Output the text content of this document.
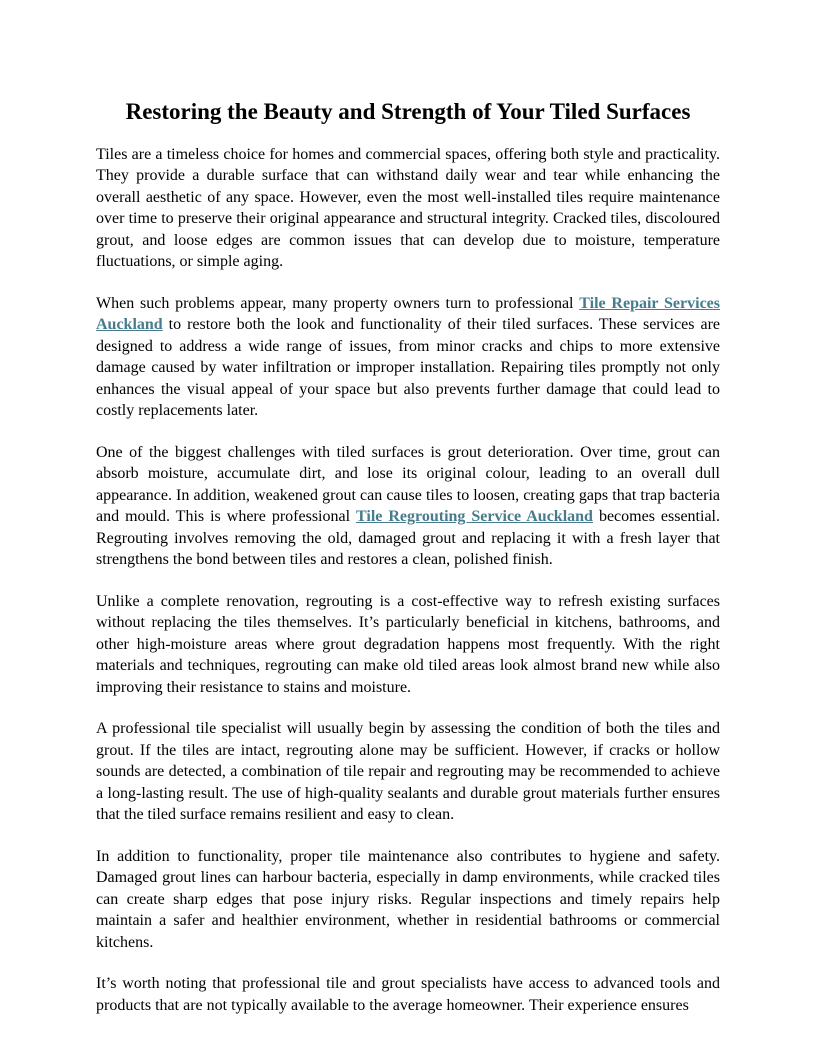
Restoring the Beauty and Strength of Your Tiled Surfaces

Tiles are a timeless choice for homes and commercial spaces, offering both style and practicality. They provide a durable surface that can withstand daily wear and tear while enhancing the overall aesthetic of any space. However, even the most well-installed tiles require maintenance over time to preserve their original appearance and structural integrity. Cracked tiles, discoloured grout, and loose edges are common issues that can develop due to moisture, temperature fluctuations, or simple aging.

When such problems appear, many property owners turn to professional Tile Repair Services Auckland to restore both the look and functionality of their tiled surfaces. These services are designed to address a wide range of issues, from minor cracks and chips to more extensive damage caused by water infiltration or improper installation. Repairing tiles promptly not only enhances the visual appeal of your space but also prevents further damage that could lead to costly replacements later.

One of the biggest challenges with tiled surfaces is grout deterioration. Over time, grout can absorb moisture, accumulate dirt, and lose its original colour, leading to an overall dull appearance. In addition, weakened grout can cause tiles to loosen, creating gaps that trap bacteria and mould. This is where professional Tile Regrouting Service Auckland becomes essential. Regrouting involves removing the old, damaged grout and replacing it with a fresh layer that strengthens the bond between tiles and restores a clean, polished finish.

Unlike a complete renovation, regrouting is a cost-effective way to refresh existing surfaces without replacing the tiles themselves. It’s particularly beneficial in kitchens, bathrooms, and other high-moisture areas where grout degradation happens most frequently. With the right materials and techniques, regrouting can make old tiled areas look almost brand new while also improving their resistance to stains and moisture.

A professional tile specialist will usually begin by assessing the condition of both the tiles and grout. If the tiles are intact, regrouting alone may be sufficient. However, if cracks or hollow sounds are detected, a combination of tile repair and regrouting may be recommended to achieve a long-lasting result. The use of high-quality sealants and durable grout materials further ensures that the tiled surface remains resilient and easy to clean.

In addition to functionality, proper tile maintenance also contributes to hygiene and safety. Damaged grout lines can harbour bacteria, especially in damp environments, while cracked tiles can create sharp edges that pose injury risks. Regular inspections and timely repairs help maintain a safer and healthier environment, whether in residential bathrooms or commercial kitchens.

It’s worth noting that professional tile and grout specialists have access to advanced tools and products that are not typically available to the average homeowner. Their experience ensures
